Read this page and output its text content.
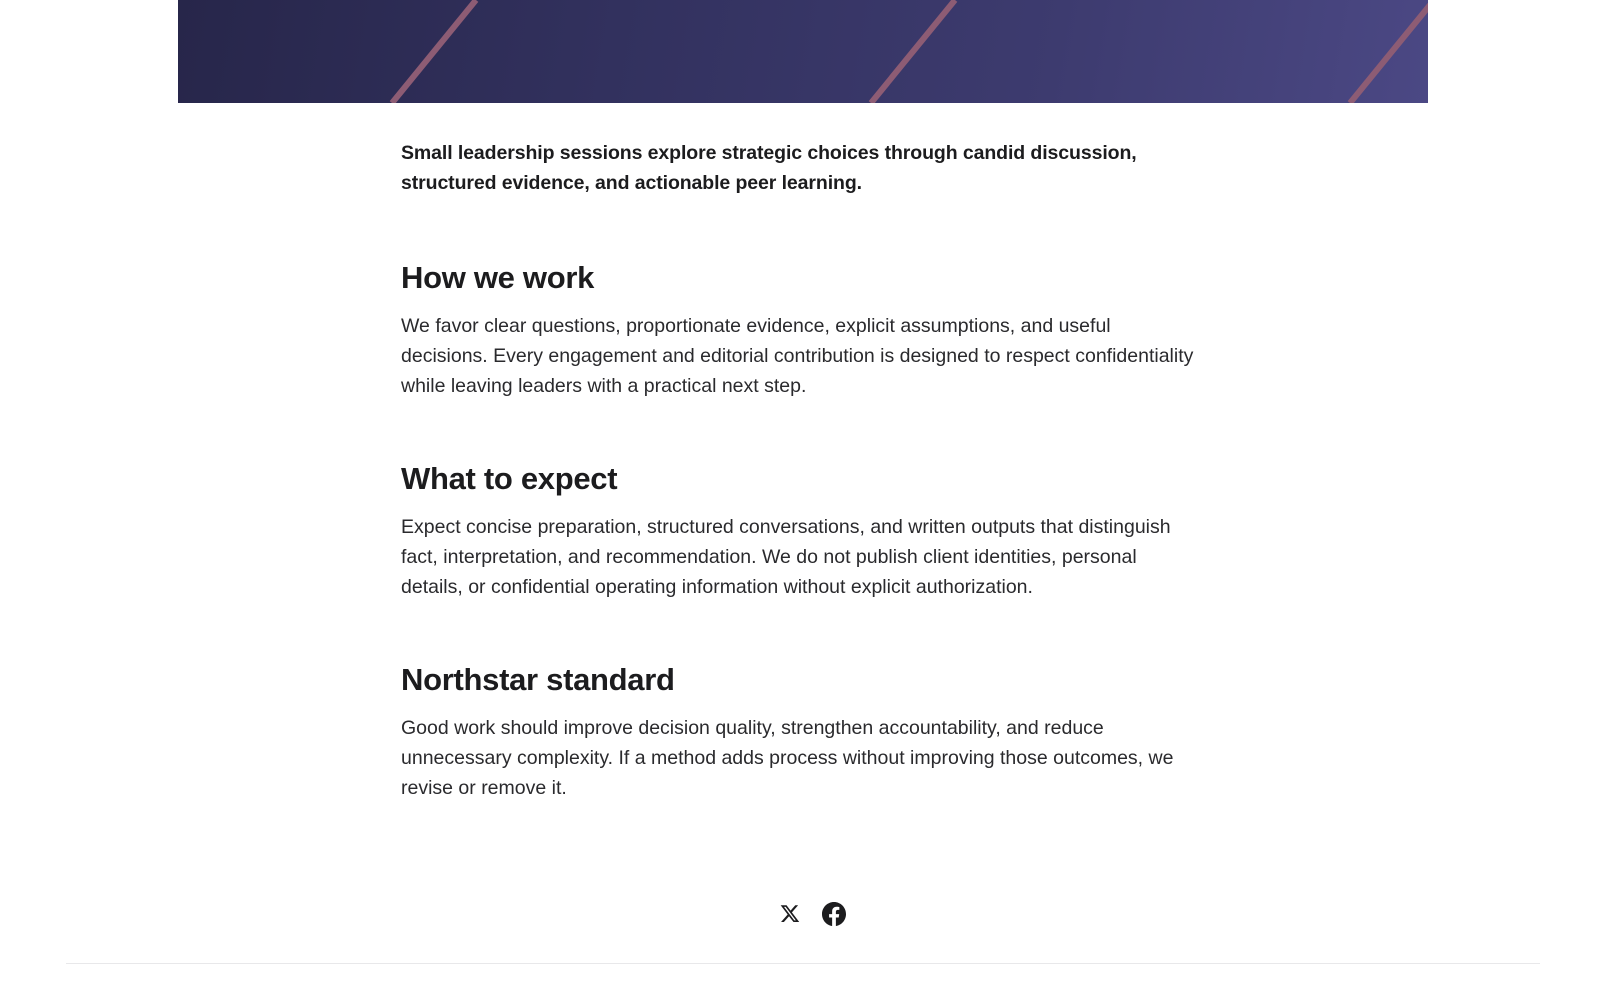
Small leadership sessions explore strategic choices through candid discussion, structured evidence, and actionable peer learning.

How we work

We favor clear questions, proportionate evidence, explicit assumptions, and useful decisions. Every engagement and editorial contribution is designed to respect confidentiality while leaving leaders with a practical next step.

What to expect

Expect concise preparation, structured conversations, and written outputs that distinguish fact, interpretation, and recommendation. We do not publish client identities, personal details, or confidential operating information without explicit authorization.

Northstar standard

Good work should improve decision quality, strengthen accountability, and reduce unnecessary complexity. If a method adds process without improving those outcomes, we revise or remove it.
